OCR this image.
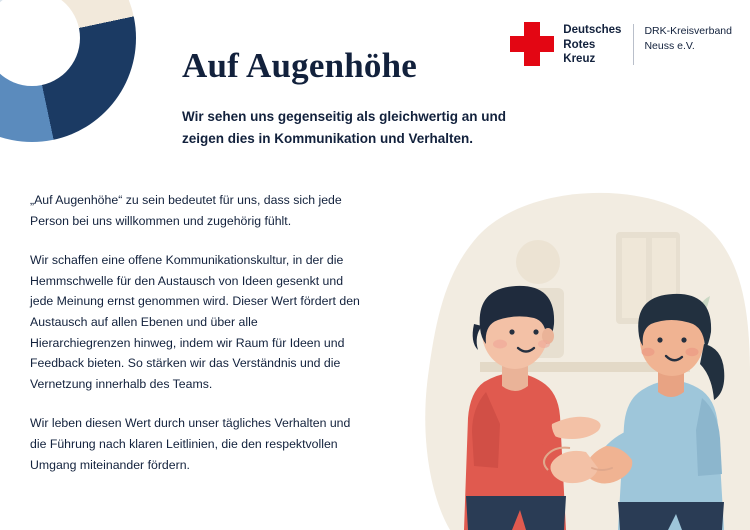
Auf Augenhöhe
Wir sehen uns gegenseitig als gleichwertig an und zeigen dies in Kommunikation und Verhalten.
Deutsches
Rotes
Kreuz
DRK-Kreisverband
Neuss e.V.

„Auf Augenhöhe“ zu sein bedeutet für uns, dass sich jede Person bei uns willkommen und zugehörig fühlt.

Wir schaffen eine offene Kommunikationskultur, in der die Hemmschwelle für den Austausch von Ideen gesenkt und jede Meinung ernst genommen wird. Dieser Wert fördert den Austausch auf allen Ebenen und über alle Hierarchiegrenzen hinweg, indem wir Raum für Ideen und Feedback bieten. So stärken wir das Verständnis und die Vernetzung innerhalb des Teams.

Wir leben diesen Wert durch unser tägliches Verhalten und die Führung nach klaren Leitlinien, die den respektvollen Umgang miteinander fördern.
